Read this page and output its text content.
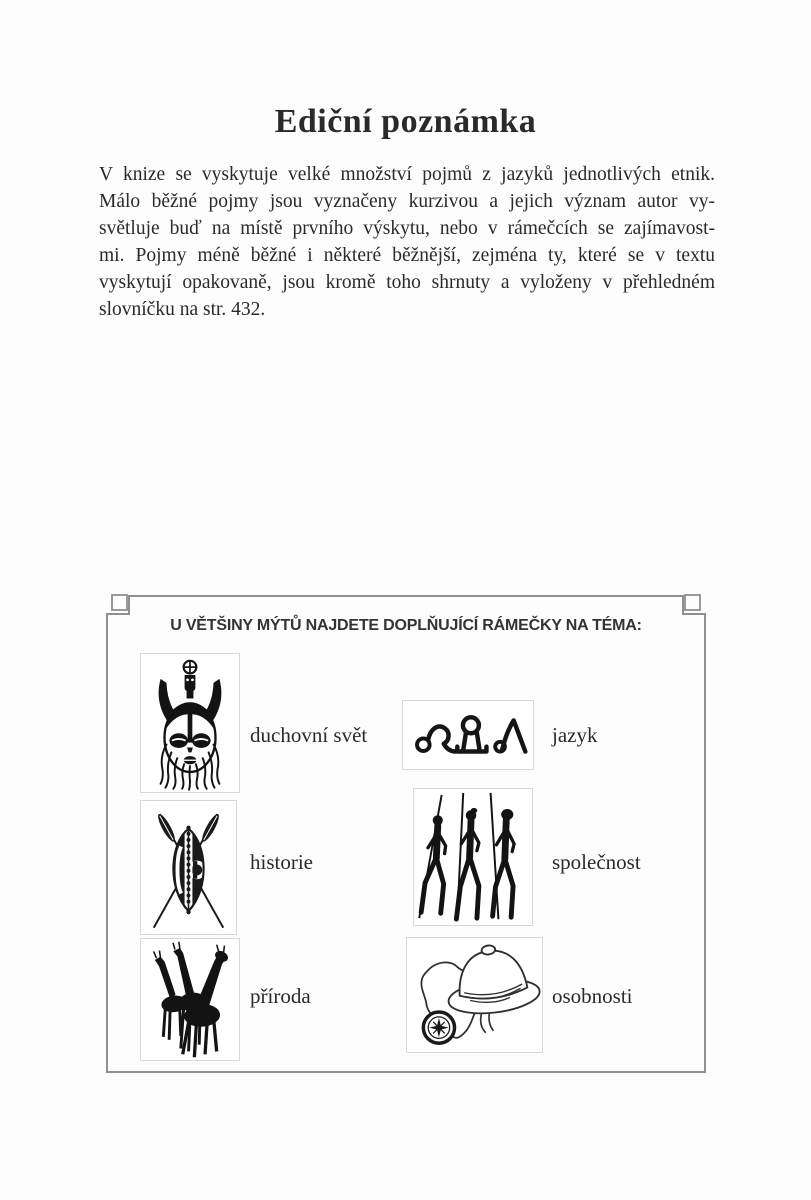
Ediční poznámka
V knize se vyskytuje velké množství pojmů z jazyků jednotlivých etnik.
Málo běžné pojmy jsou vyznačeny kurzivou a jejich význam autor vy-
světluje buď na místě prvního výskytu, nebo v rámečcích se zajímavost-
mi. Pojmy méně běžné i některé běžnější, zejména ty, které se v textu
vyskytují opakovaně, jsou kromě toho shrnuty a vyloženy v přehledném
slovníčku na str. 432.
U VĚTŠINY MÝTŮ NAJDETE DOPLŇUJÍCÍ RÁMEČKY NA TÉMA:
duchovní svět	jazyk
historie	společnost
příroda	osobnosti
